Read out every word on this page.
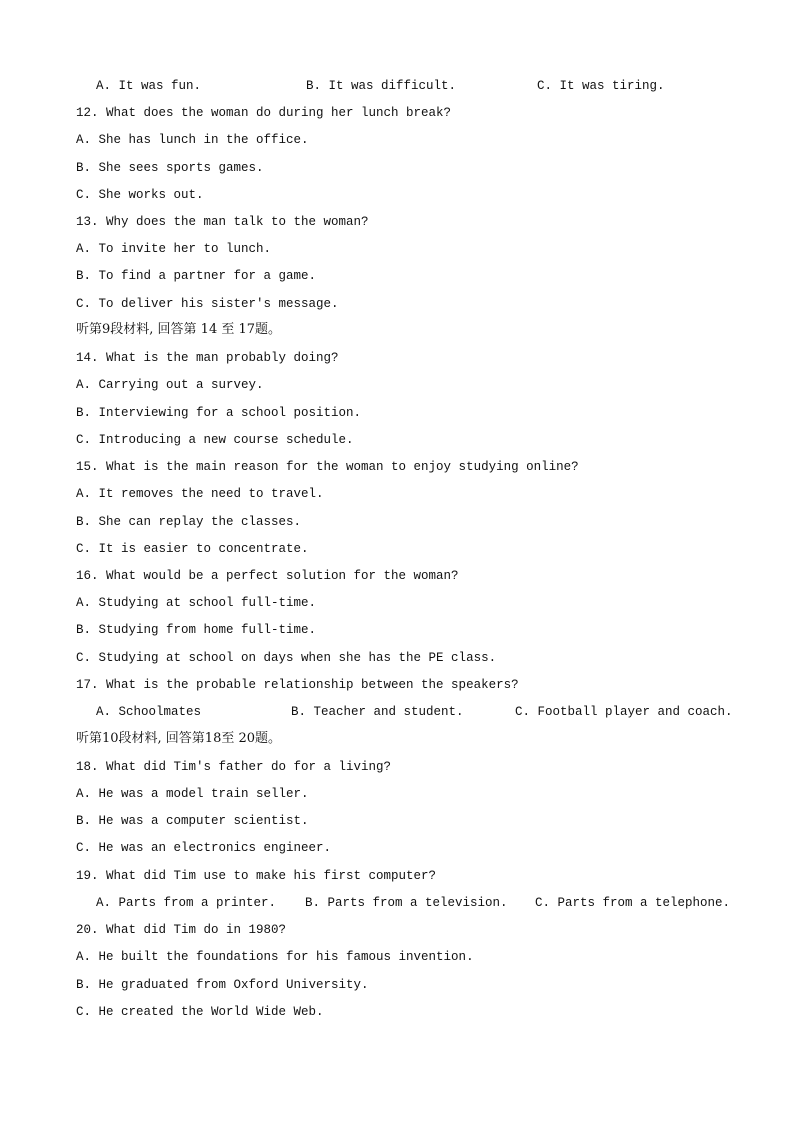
A. It was fun.	B. It was difficult.	C. It was tiring.
12. What does the woman do during her lunch break?
A. She has lunch in the office.
B. She sees sports games.
C. She works out.
13. Why does the man talk to the woman?
A. To invite her to lunch.
B. To find a partner for a game.
C. To deliver his sister's message.
听第9段材料, 回答第 14 至 17题。
14. What is the man probably doing?
A. Carrying out a survey.
B. Interviewing for a school position.
C. Introducing a new course schedule.
15. What is the main reason for the woman to enjoy studying online?
A. It removes the need to travel.
B. She can replay the classes.
C. It is easier to concentrate.
16. What would be a perfect solution for the woman?
A. Studying at school full-time.
B. Studying from home full-time.
C. Studying at school on days when she has the PE class.
17. What is the probable relationship between the speakers?
A. Schoolmates	B. Teacher and student.	C. Football player and coach.
听第10段材料, 回答第18至 20题。
18. What did Tim's father do for a living?
A. He was a model train seller.
B. He was a computer scientist.
C. He was an electronics engineer.
19. What did Tim use to make his first computer?
A. Parts from a printer. B. Parts from a television. C. Parts from a telephone.
20. What did Tim do in 1980?
A. He built the foundations for his famous invention.
B. He graduated from Oxford University.
C. He created the World Wide Web.
